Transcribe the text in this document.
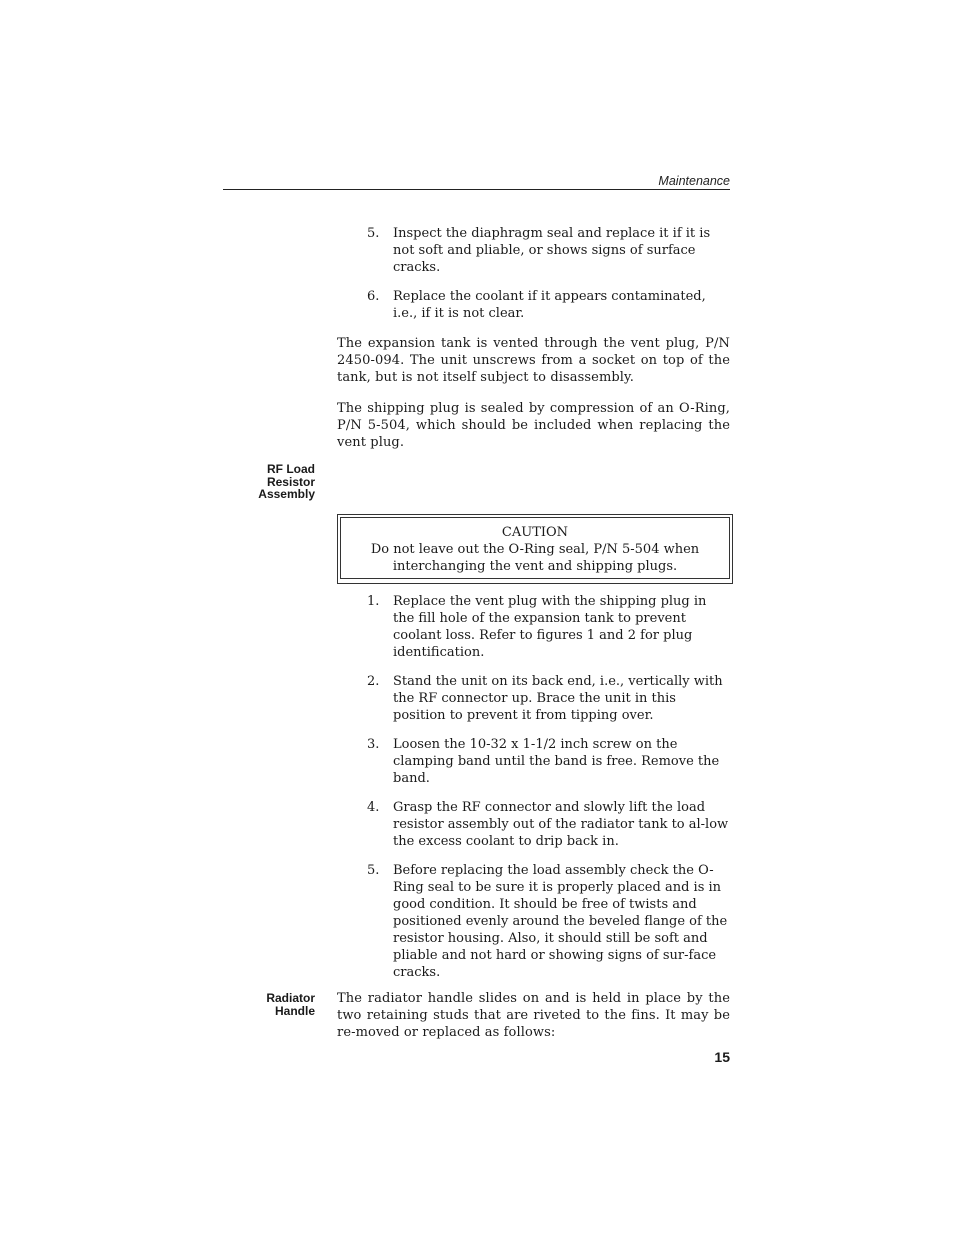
Maintenance
5.	Inspect the diaphragm seal and replace it if it is not soft and pliable, or shows signs of surface cracks.
6.	Replace the coolant if it appears contaminated, i.e., if it is not clear.
The expansion tank is vented through the vent plug, P/N 2450-094. The unit unscrews from a socket on top of the tank, but is not itself subject to disassembly.
The shipping plug is sealed by compression of an O-Ring, P/N 5-504, which should be included when replacing the vent plug.
RF Load
Resistor
Assembly
CAUTION
Do not leave out the O-Ring seal, P/N 5-504 when
interchanging the vent and shipping plugs.
1.	Replace the vent plug with the shipping plug in the fill hole of the expansion tank to prevent coolant loss. Refer to figures 1 and 2 for plug identification.
2.	Stand the unit on its back end, i.e., vertically with the RF connector up. Brace the unit in this position to prevent it from tipping over.
3.	Loosen the 10-32 x 1-1/2 inch screw on the clamping band until the band is free. Remove the band.
4.	Grasp the RF connector and slowly lift the load resistor assembly out of the radiator tank to al-low the excess coolant to drip back in.
5.	Before replacing the load assembly check the O-Ring seal to be sure it is properly placed and is in good condition. It should be free of twists and positioned evenly around the beveled flange of the resistor housing. Also, it should still be soft and pliable and not hard or showing signs of sur-face cracks.
Radiator
Handle
The radiator handle slides on and is held in place by the two retaining studs that are riveted to the fins. It may be re-moved or replaced as follows:
15
